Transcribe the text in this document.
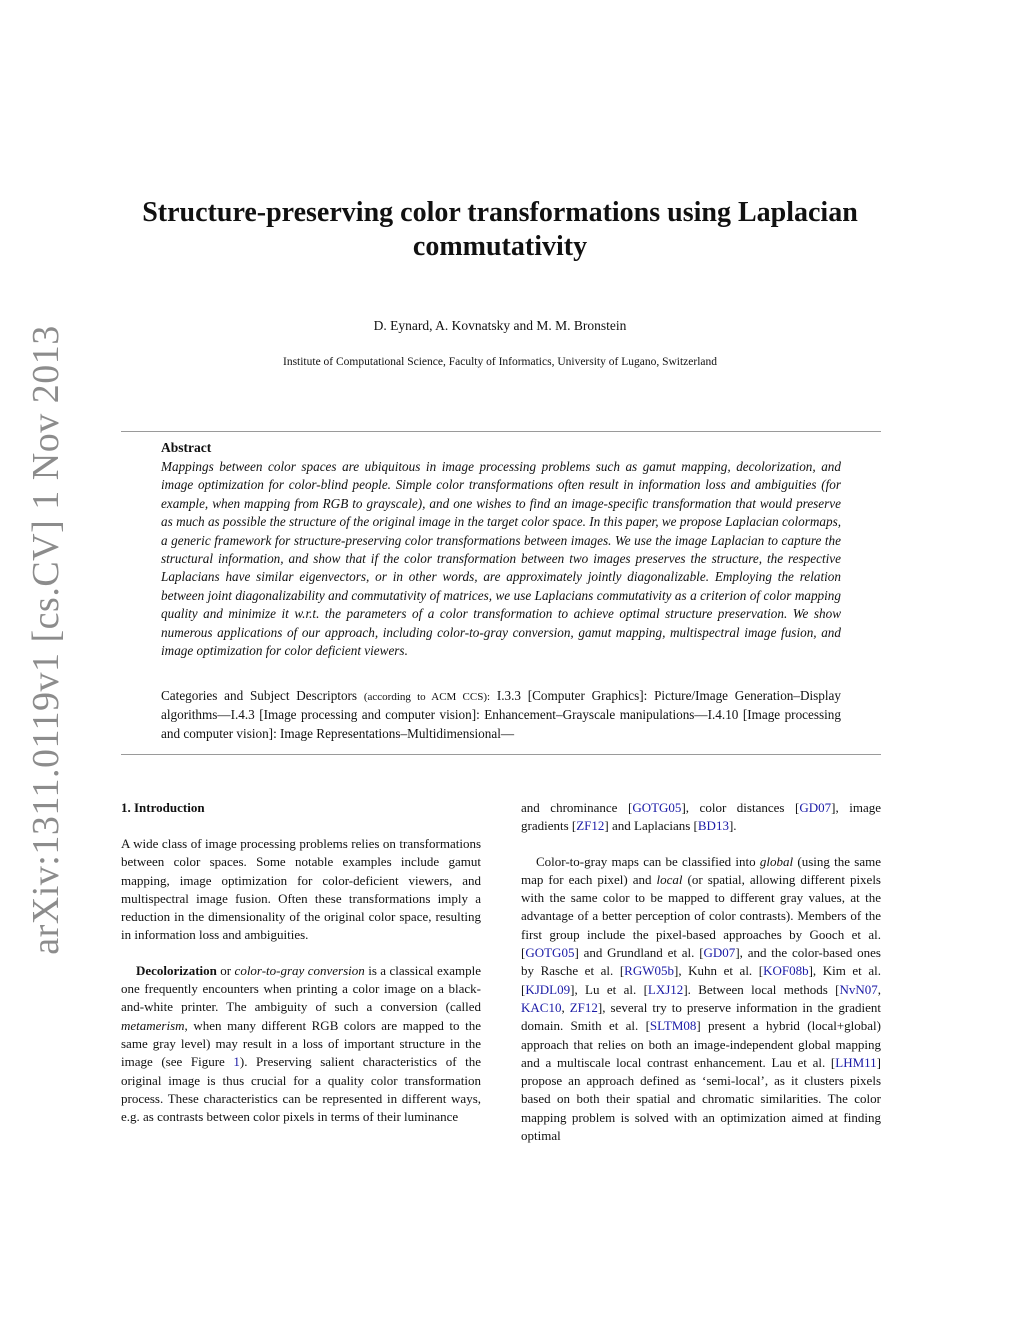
arXiv:1311.0119v1 [cs.CV] 1 Nov 2013
Structure-preserving color transformations using Laplacian commutativity
D. Eynard, A. Kovnatsky and M. M. Bronstein
Institute of Computational Science, Faculty of Informatics, University of Lugano, Switzerland
Abstract

Mappings between color spaces are ubiquitous in image processing problems such as gamut mapping, decolorization, and image optimization for color-blind people. Simple color transformations often result in information loss and ambiguities (for example, when mapping from RGB to grayscale), and one wishes to find an image-specific transformation that would preserve as much as possible the structure of the original image in the target color space. In this paper, we propose Laplacian colormaps, a generic framework for structure-preserving color transformations between images. We use the image Laplacian to capture the structural information, and show that if the color transformation between two images preserves the structure, the respective Laplacians have similar eigenvectors, or in other words, are approximately jointly diagonalizable. Employing the relation between joint diagonalizability and commutativity of matrices, we use Laplacians commutativity as a criterion of color mapping quality and minimize it w.r.t. the parameters of a color transformation to achieve optimal structure preservation. We show numerous applications of our approach, including color-to-gray conversion, gamut mapping, multispectral image fusion, and image optimization for color deficient viewers.

Categories and Subject Descriptors (according to ACM CCS): I.3.3 [Computer Graphics]: Picture/Image Generation–Display algorithms—I.4.3 [Image processing and computer vision]: Enhancement–Grayscale manipulations—I.4.10 [Image processing and computer vision]: Image Representations–Multidimensional—

1. Introduction

A wide class of image processing problems relies on transformations between color spaces. Some notable examples include gamut mapping, image optimization for color-deficient viewers, and multispectral image fusion. Often these transformations imply a reduction in the dimensionality of the original color space, resulting in information loss and ambiguities.

Decolorization or color-to-gray conversion is a classical example one frequently encounters when printing a color image on a black-and-white printer. The ambiguity of such a conversion (called metamerism, when many different RGB colors are mapped to the same gray level) may result in a loss of important structure in the image (see Figure 1). Preserving salient characteristics of the original image is thus crucial for a quality color transformation process. These characteristics can be represented in different ways, e.g. as contrasts between color pixels in terms of their luminance

and chrominance [GOTG05], color distances [GD07], image gradients [ZF12] and Laplacians [BD13].

Color-to-gray maps can be classified into global (using the same map for each pixel) and local (or spatial, allowing different pixels with the same color to be mapped to different gray values, at the advantage of a better perception of color contrasts). Members of the first group include the pixel-based approaches by Gooch et al. [GOTG05] and Grundland et al. [GD07], and the color-based ones by Rasche et al. [RGW05b], Kuhn et al. [KOF08b], Kim et al. [KJDL09], Lu et al. [LXJ12]. Between local methods [NvN07, KAC10, ZF12], several try to preserve information in the gradient domain. Smith et al. [SLTM08] present a hybrid (local+global) approach that relies on both an image-independent global mapping and a multiscale local contrast enhancement. Lau et al. [LHM11] propose an approach defined as ‘semi-local’, as it clusters pixels based on both their spatial and chromatic similarities. The color mapping problem is solved with an optimization aimed at finding optimal
